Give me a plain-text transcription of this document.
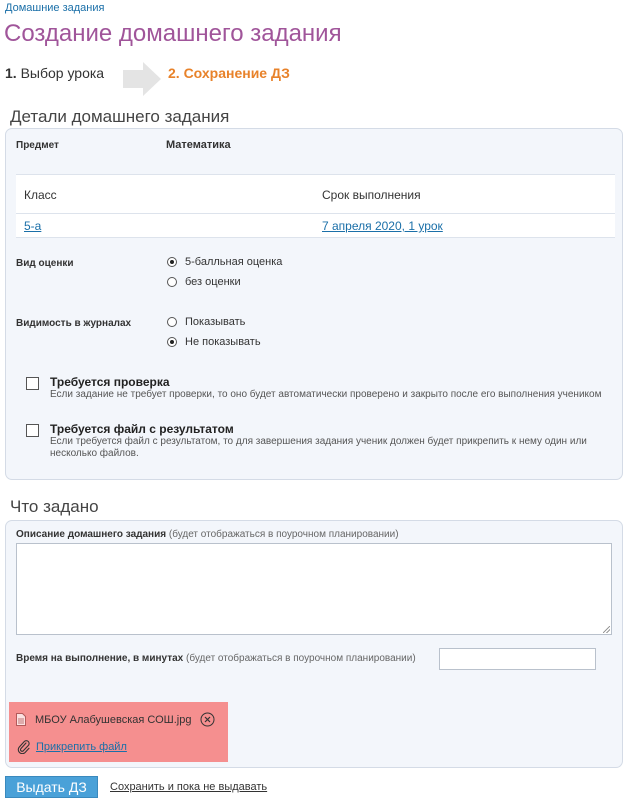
Домашние задания
Создание домашнего задания
1. Выбор урока	2. Сохранение ДЗ
Детали домашнего задания
Предмет	Математика
Класс	Срок выполнения
5-а	7 апреля 2020, 1 урок
Вид оценки	5-балльная оценка
без оценки
Видимость в журналах	Показывать
Не показывать
Требуется проверка
Если задание не требует проверки, то оно будет автоматически проверено и закрыто после его выполнения учеником
Требуется файл с результатом
Если требуется файл с результатом, то для завершения задания ученик должен будет прикрепить к нему один или несколько файлов.
Что задано
Описание домашнего задания (будет отображаться в поурочном планировании)
Время на выполнение, в минутах (будет отображаться в поурочном планировании)
МБОУ Алабушевская СОШ.jpg
Прикрепить файл
Выдать ДЗ	Сохранить и пока не выдавать
